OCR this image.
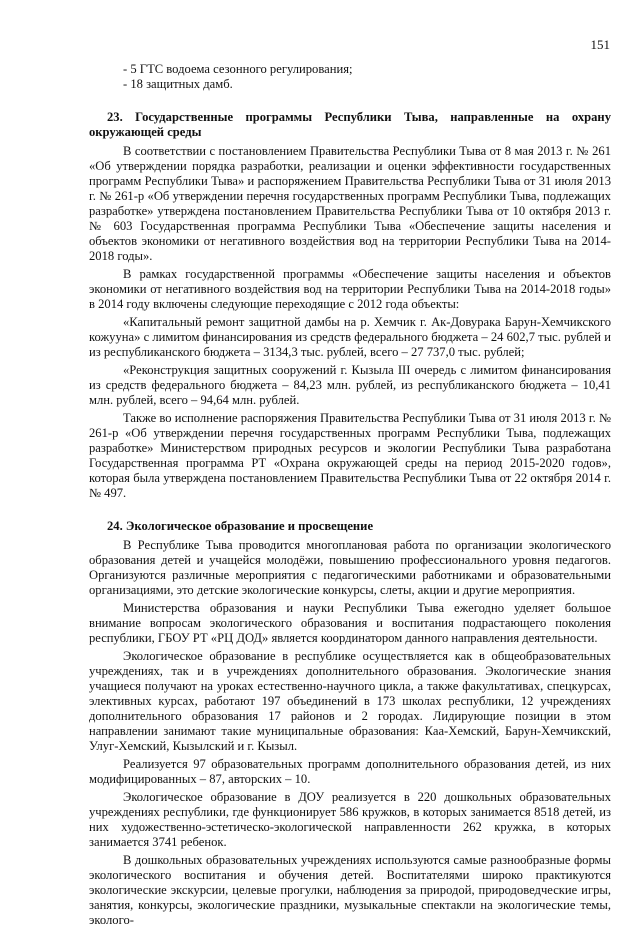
151

- 5 ГТС водоема сезонного регулирования;

- 18 защитных дамб.

23. Государственные программы Республики Тыва, направленные на охрану окружающей среды

В соответствии с постановлением Правительства Республики Тыва от 8 мая 2013 г. № 261 «Об утверждении порядка разработки, реализации и оценки эффективности государственных программ Республики Тыва» и распоряжением Правительства Республики Тыва от 31 июля 2013 г. № 261-р «Об утверждении перечня государственных программ Республики Тыва, подлежащих разработке» утверждена постановлением Правительства Республики Тыва от 10 октября 2013 г. № 603 Государственная программа Республики Тыва «Обеспечение защиты населения и объектов экономики от негативного воздействия вод на территории Республики Тыва на 2014-2018 годы».

В рамках государственной программы «Обеспечение защиты населения и объектов экономики от негативного воздействия вод на территории Республики Тыва на 2014-2018 годы» в 2014 году включены следующие переходящие с 2012 года объекты:

«Капитальный ремонт защитной дамбы на р. Хемчик г. Ак-Довурака Барун-Хемчикского кожууна» с лимитом финансирования из средств федерального бюджета – 24 602,7 тыс. рублей и из республиканского бюджета – 3134,3 тыс. рублей, всего – 27 737,0 тыс. рублей;

«Реконструкция защитных сооружений г. Кызыла III очередь с лимитом финансирования из средств федерального бюджета – 84,23 млн. рублей, из республиканского бюджета – 10,41 млн. рублей, всего – 94,64 млн. рублей.

Также во исполнение распоряжения Правительства Республики Тыва от 31 июля 2013 г. № 261-р «Об утверждении перечня государственных программ Республики Тыва, подлежащих разработке» Министерством природных ресурсов и экологии Республики Тыва разработана Государственная программа РТ «Охрана окружающей среды на период 2015-2020 годов», которая была утверждена постановлением Правительства Республики Тыва от 22 октября 2014 г. № 497.

24. Экологическое образование и просвещение

В Республике Тыва проводится многоплановая работа по организации экологического образования детей и учащейся молодёжи, повышению профессионального уровня педагогов. Организуются различные мероприятия с педагогическими работниками и образовательными организациями, это детские экологические конкурсы, слеты, акции и другие мероприятия.

Министерства образования и науки Республики Тыва ежегодно уделяет большое внимание вопросам экологического образования и воспитания подрастающего поколения республики, ГБОУ РТ «РЦ ДОД» является координатором данного направления деятельности.

Экологическое образование в республике осуществляется как в общеобразовательных учреждениях, так и в учреждениях дополнительного образования. Экологические знания учащиеся получают на уроках естественно-научного цикла, а также факультативах, спецкурсах, элективных курсах, работают 197 объединений в 173 школах республики, 12 учреждениях дополнительного образования 17 районов и 2 городах. Лидирующие позиции в этом направлении занимают такие муниципальные образования: Каа-Хемский, Барун-Хемчикский, Улуг-Хемский, Кызылский и г. Кызыл.

Реализуется 97 образовательных программ дополнительного образования детей, из них модифицированных – 87, авторских – 10.

Экологическое образование в ДОУ реализуется в 220 дошкольных образовательных учреждениях республики, где функционирует 586 кружков, в которых занимается 8518 детей, из них художественно-эстетическо-экологической направленности 262 кружка, в которых занимается 3741 ребенок.

В дошкольных образовательных учреждениях используются самые разнообразные формы экологического воспитания и обучения детей. Воспитателями широко практикуются экологические экскурсии, целевые прогулки, наблюдения за природой, природоведческие игры, занятия, конкурсы, экологические праздники, музыкальные спектакли на экологические темы, эколого-
